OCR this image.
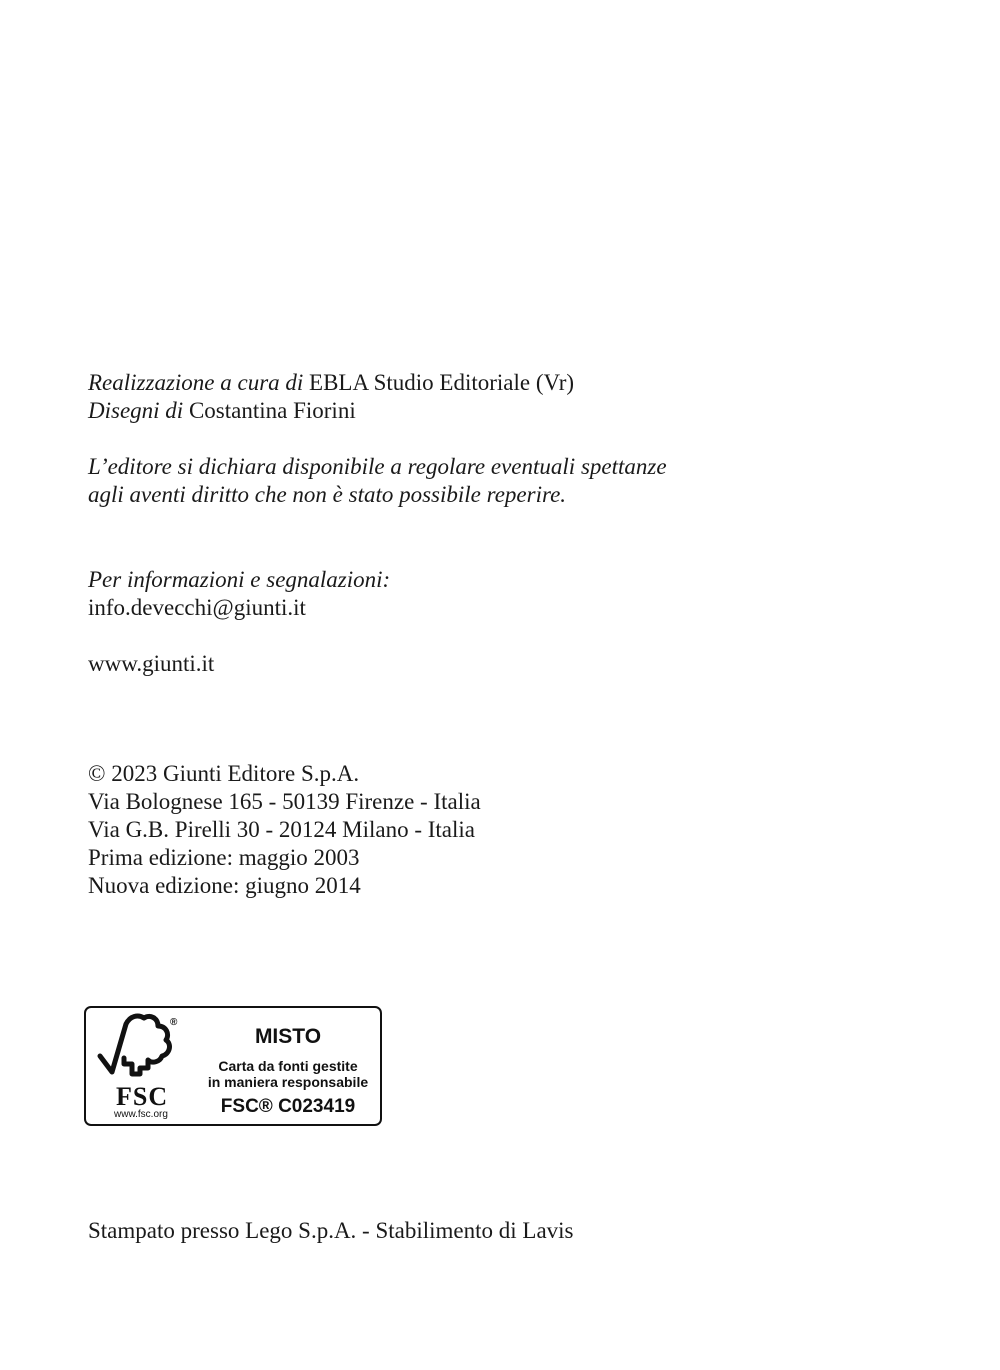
Realizzazione a cura di EBLA Studio Editoriale (Vr)
Disegni di Costantina Fiorini
L’editore si dichiara disponibile a regolare eventuali spettanze
agli aventi diritto che non è stato possibile reperire.
Per informazioni e segnalazioni:
info.devecchi@giunti.it
www.giunti.it
© 2023 Giunti Editore S.p.A.
Via Bolognese 165 - 50139 Firenze - Italia
Via G.B. Pirelli 30 - 20124 Milano - Italia
Prima edizione: maggio 2003
Nuova edizione: giugno 2014
®
FSC
www.fsc.org
MISTO
Carta da fonti gestite
in maniera responsabile
FSC® C023419
Stampato presso Lego S.p.A. - Stabilimento di Lavis
